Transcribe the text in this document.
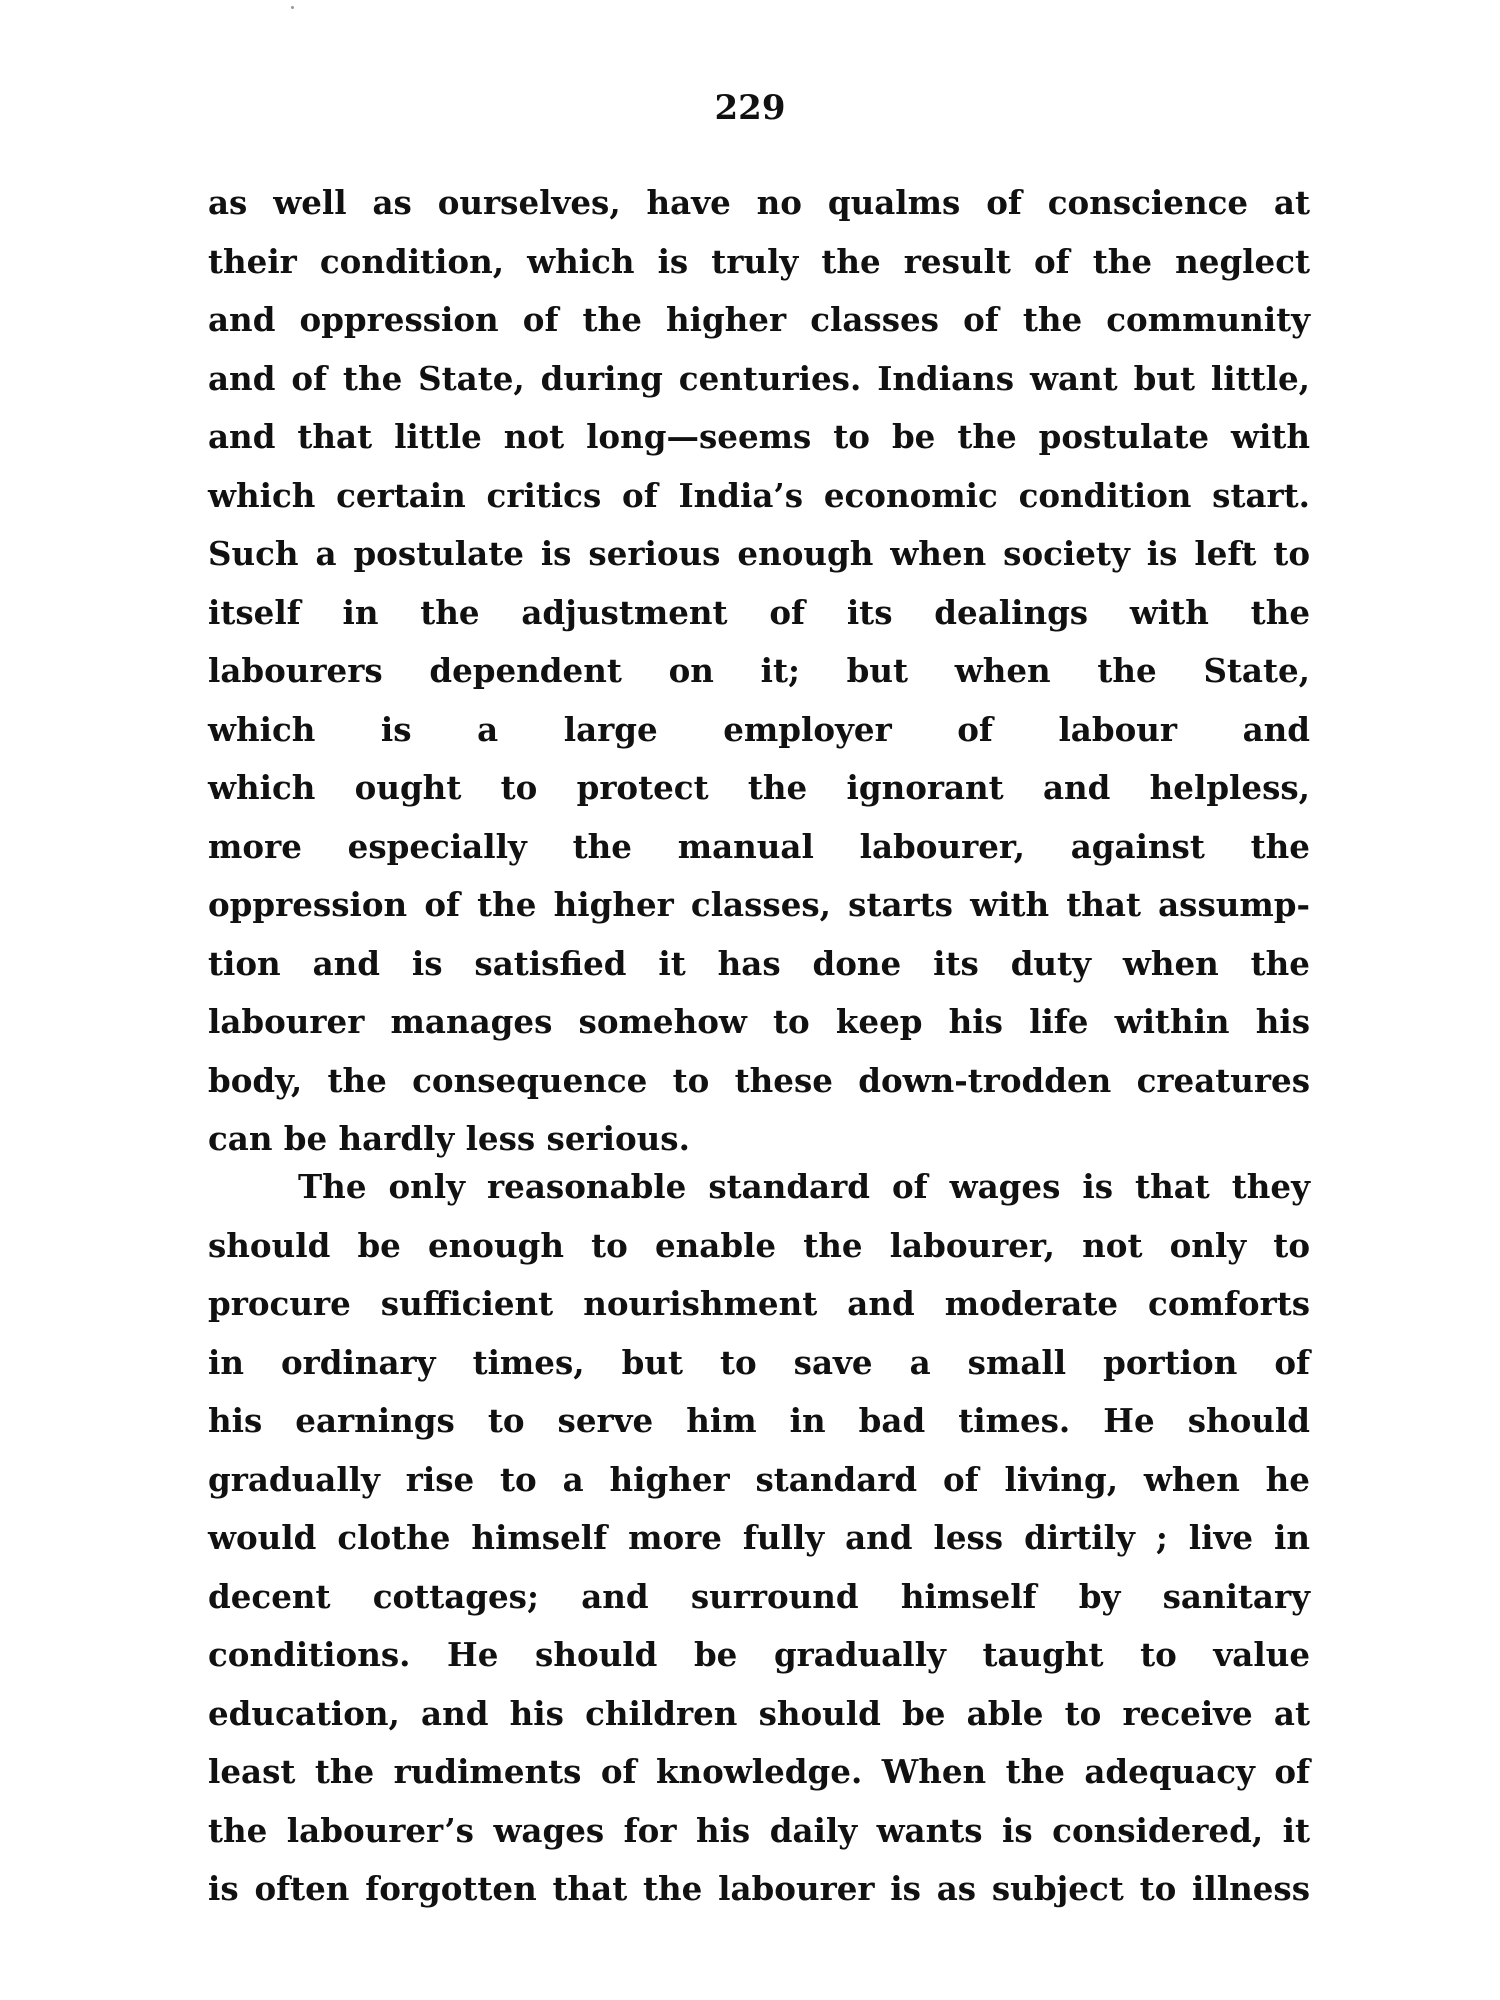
229
as well as ourselves, have no qualms of conscience at
their condition, which is truly the result of the neglect
and oppression of the higher classes of the community
and of the State, during centuries. Indians want but little,
and that little not long—seems to be the postulate with
which certain critics of India’s economic condition start.
Such a postulate is serious enough when society is left to
itself in the adjustment of its dealings with the
labourers dependent on it; but when the State,
which is a large employer of labour and
which ought to protect the ignorant and helpless,
more especially the manual labourer, against the
oppression of the higher classes, starts with that assump-
tion and is satisfied it has done its duty when the
labourer manages somehow to keep his life within his
body, the consequence to these down-trodden creatures
can be hardly less serious.
The only reasonable standard of wages is that they
should be enough to enable the labourer, not only to
procure sufficient nourishment and moderate comforts
in ordinary times, but to save a small portion of
his earnings to serve him in bad times. He should
gradually rise to a higher standard of living, when he
would clothe himself more fully and less dirtily ; live in
decent cottages; and surround himself by sanitary
conditions. He should be gradually taught to value
education, and his children should be able to receive at
least the rudiments of knowledge. When the adequacy of
the labourer’s wages for his daily wants is considered, it
is often forgotten that the labourer is as subject to illness
